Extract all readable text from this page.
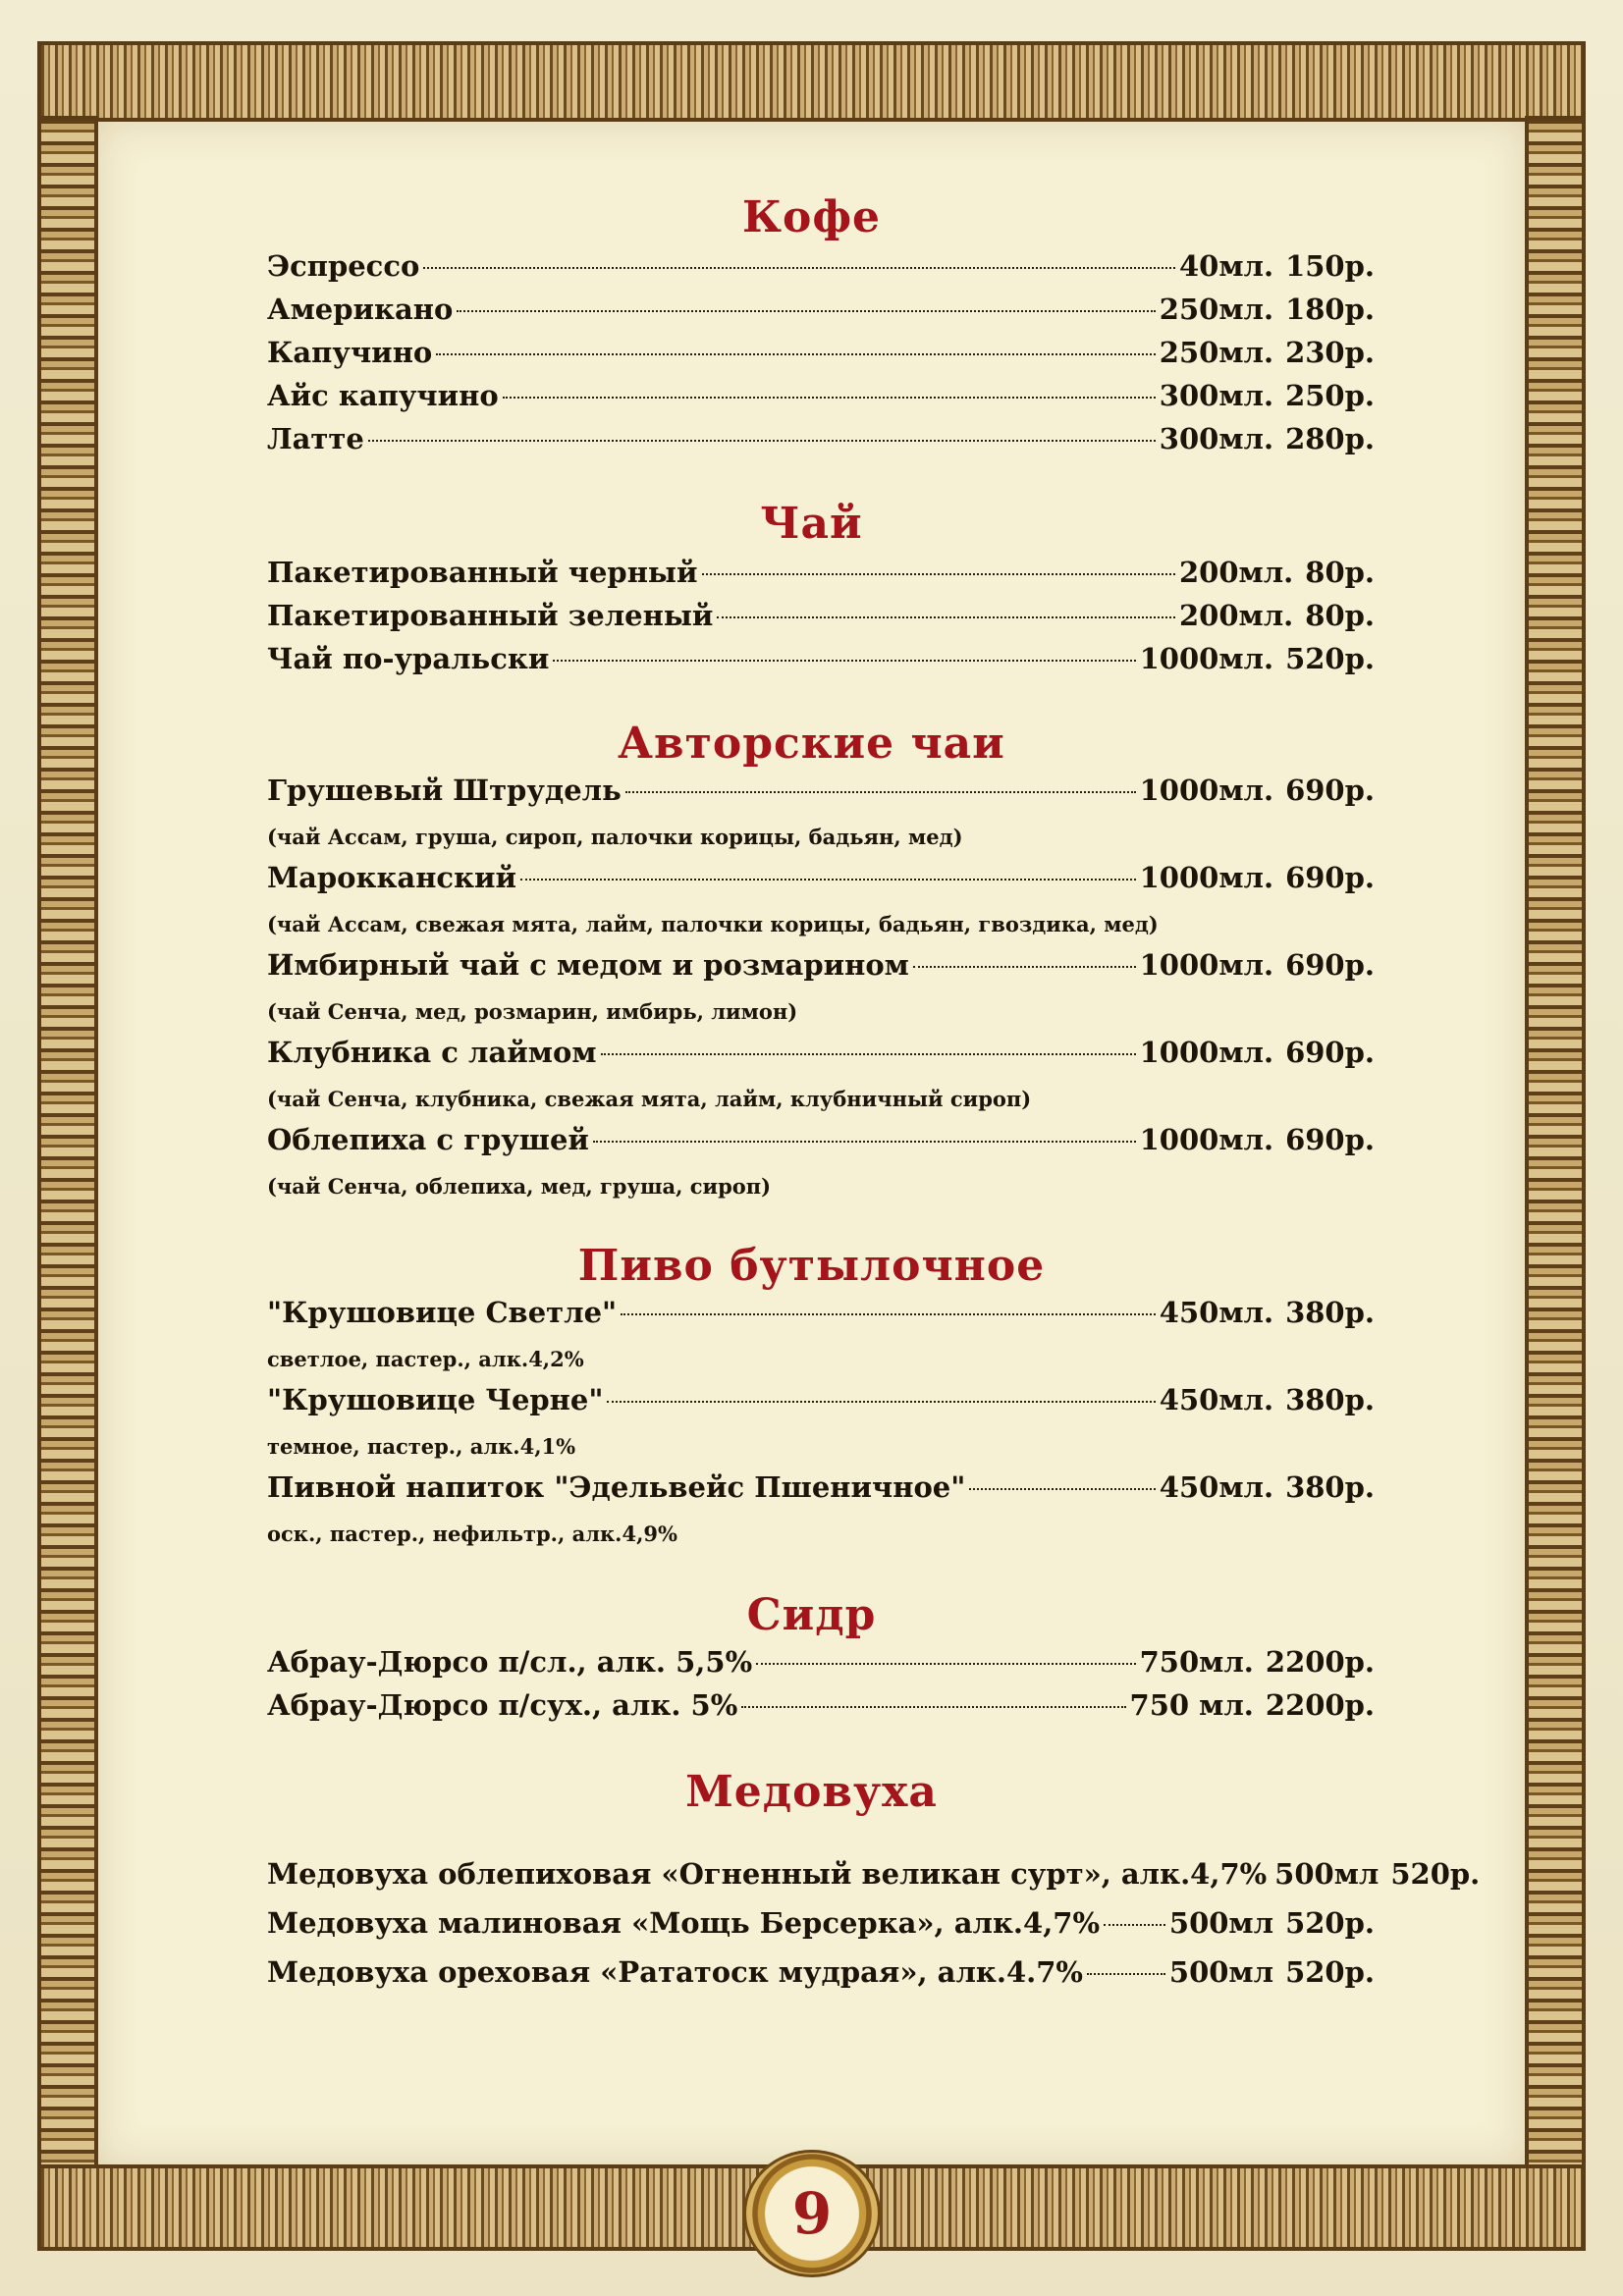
Кофе
Эспрессо	40мл. 150р.
Американо	250мл. 180р.
Капучино	250мл. 230р.
Айс капучино	300мл. 250р.
Латте	300мл. 280р.
Чай
Пакетированный черный	200мл. 80р.
Пакетированный зеленый	200мл. 80р.
Чай по-уральски	1000мл. 520р.
Авторские чаи
Грушевый Штрудель	1000мл. 690р.
(чай Ассам, груша, сироп, палочки корицы, бадьян, мед)
Марокканский	1000мл. 690р.
(чай Ассам, свежая мята, лайм, палочки корицы, бадьян, гвоздика, мед)
Имбирный чай с медом и розмарином	1000мл. 690р.
(чай Сенча, мед, розмарин, имбирь, лимон)
Клубника с лаймом	1000мл. 690р.
(чай Сенча, клубника, свежая мята, лайм, клубничный сироп)
Облепиха с грушей	1000мл. 690р.
(чай Сенча, облепиха, мед, груша, сироп)
Пиво бутылочное
"Крушовице Светле"	450мл. 380р.
светлое, пастер., алк.4,2%
"Крушовице Черне"	450мл. 380р.
темное, пастер., алк.4,1%
Пивной напиток "Эдельвейс Пшеничное"	450мл. 380р.
оск., пастер., нефильтр., алк.4,9%
Сидр
Абрау-Дюрсо п/сл., алк. 5,5%	750мл. 2200р.
Абрау-Дюрсо п/сух., алк. 5%	750 мл. 2200р.
Медовуха
Медовуха облепиховая «Огненный великан сурт», алк.4,7% 500мл 520р.
Медовуха малиновая «Мощь Берсерка», алк.4,7% 500мл 520р.
Медовуха ореховая «Рататоск мудрая», алк.4.7%	500мл 520р.
9
